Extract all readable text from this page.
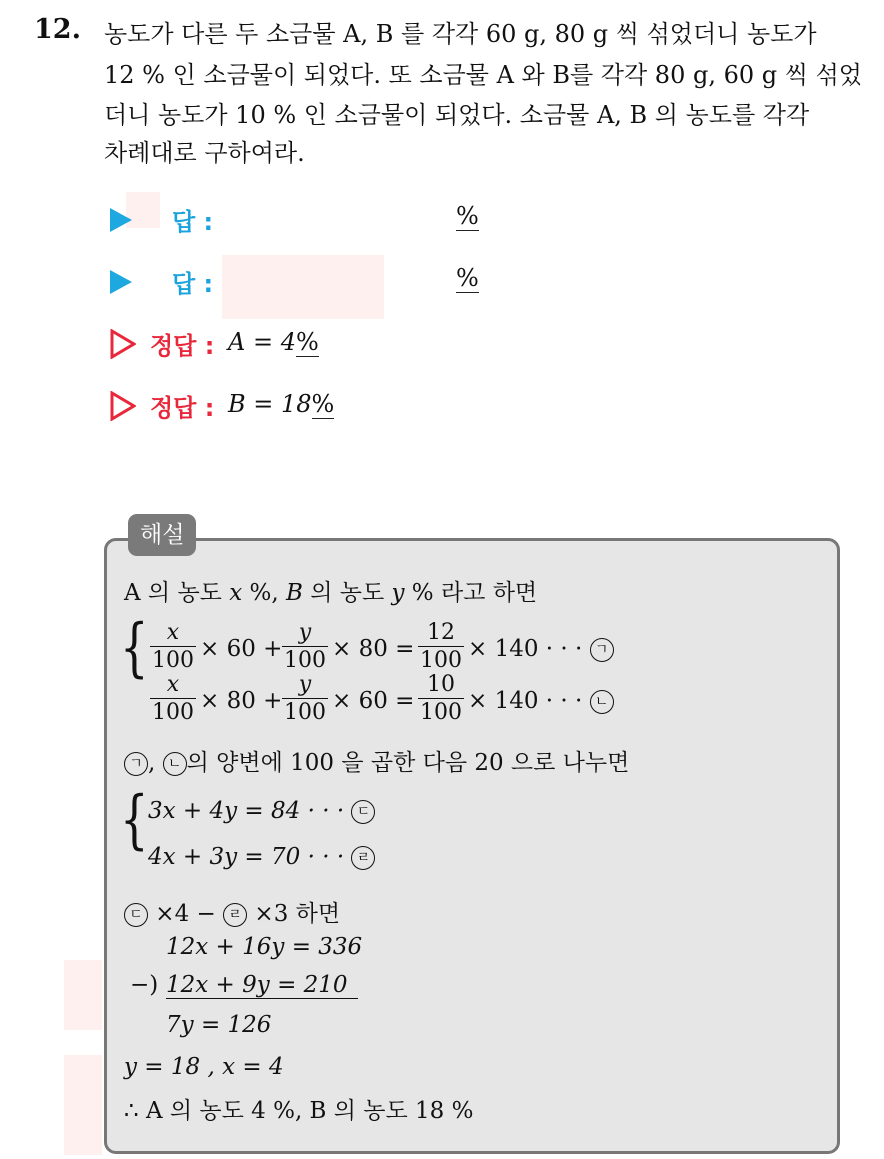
12. 농도가 다른 두 소금물 A, B 를 각각 60 g, 80 g 씩 섞었더니 농도가
12 % 인 소금물이 되었다. 또 소금물 A 와 B를 각각 80 g, 60 g 씩 섞었
더니 농도가 10 % 인 소금물이 되었다. 소금물 A, B 의 농도를 각각
차례대로 구하여라.
답 :	%
답 :	%
정답 : A = 4%
정답 : B = 18%
해설
A 의 농도 x %, B 의 농도 y % 라고 하면
{ $\frac{x}{100} \times 60 + \frac{y}{100} \times 80 = \frac{12}{100} \times 140$ · · · ㄱ
$\frac{x}{100} \times 80 + \frac{y}{100} \times 60 = \frac{10}{100} \times 140$ · · · ㄴ
ㄱ , ㄴ 의 양변에 100 을 곱한 다음 20 으로 나누면
{ 3x + 4y = 84 · · · ㄷ
4x + 3y = 70 · · · ㄹ
ㄷ ×4 − ㄹ ×3 하면
12x + 16y = 336
−) 12x + 9y = 210
7y = 126
y = 18 , x = 4
∴ A 의 농도 4 %, B 의 농도 18 %
